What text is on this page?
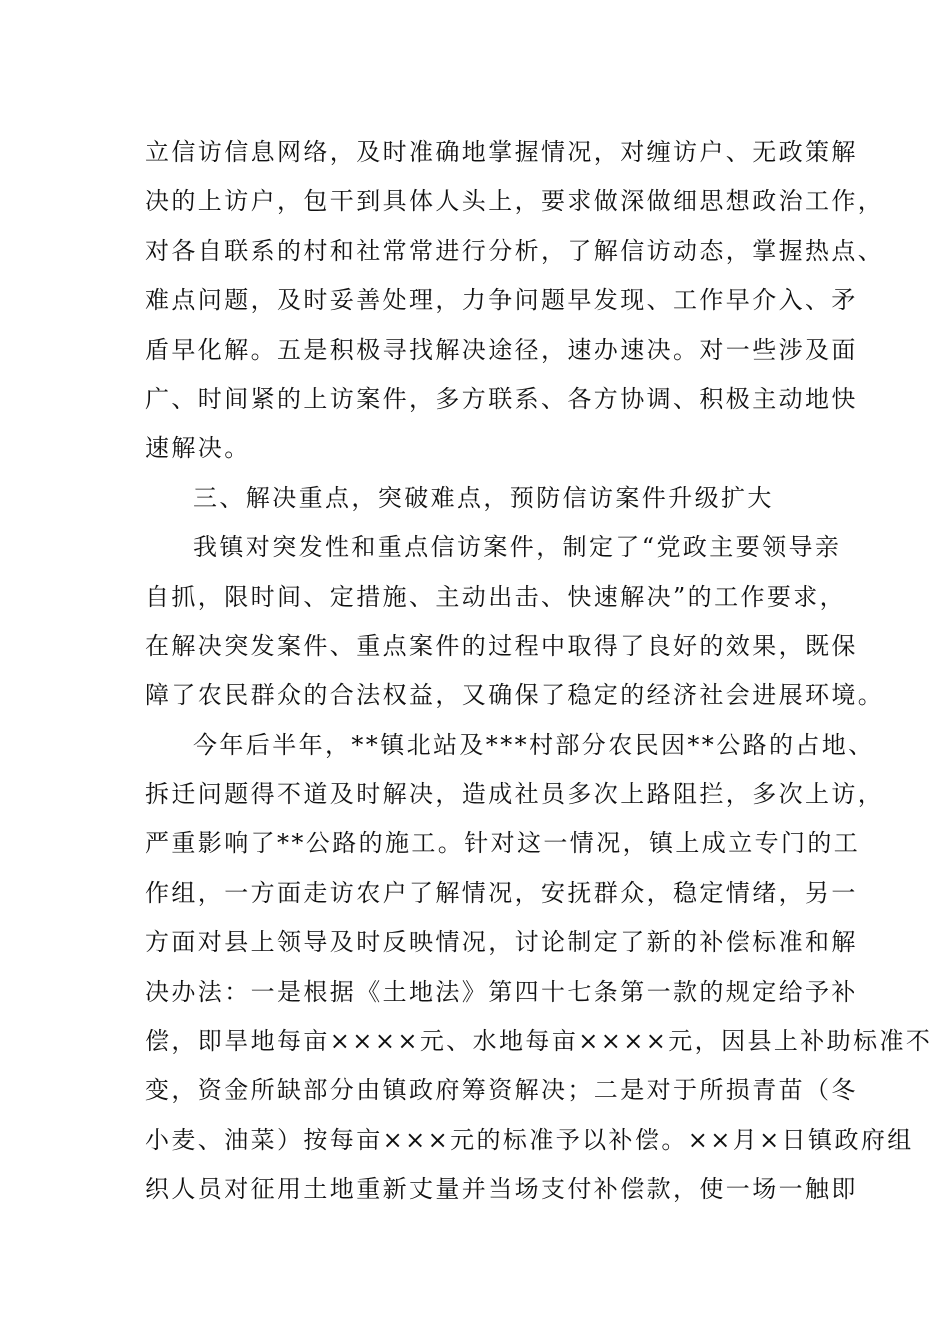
立信访信息网络，及时准确地掌握情况，对缠访户、无政策解
决的上访户，包干到具体人头上，要求做深做细思想政治工作，
对各自联系的村和社常常进行分析，了解信访动态，掌握热点、
难点问题，及时妥善处理，力争问题早发现、工作早介入、矛
盾早化解。五是积极寻找解决途径，速办速决。对一些涉及面
广、时间紧的上访案件，多方联系、各方协调、积极主动地快
速解决。
三、解决重点，突破难点，预防信访案件升级扩大
我镇对突发性和重点信访案件，制定了“党政主要领导亲
自抓，限时间、定措施、主动出击、快速解决”的工作要求，
在解决突发案件、重点案件的过程中取得了良好的效果，既保
障了农民群众的合法权益，又确保了稳定的经济社会进展环境。
今年后半年，**镇北站及***村部分农民因**公路的占地、
拆迁问题得不道及时解决，造成社员多次上路阻拦，多次上访，
严重影响了**公路的施工。针对这一情况，镇上成立专门的工
作组，一方面走访农户了解情况，安抚群众，稳定情绪，另一
方面对县上领导及时反映情况，讨论制定了新的补偿标准和解
决办法：一是根据《土地法》第四十七条第一款的规定给予补
偿，即旱地每亩××××元、水地每亩××××元，因县上补助标准不
变，资金所缺部分由镇政府筹资解决；二是对于所损青苗（冬
小麦、油菜）按每亩×××元的标准予以补偿。××月×日镇政府组
织人员对征用土地重新丈量并当场支付补偿款，使一场一触即
